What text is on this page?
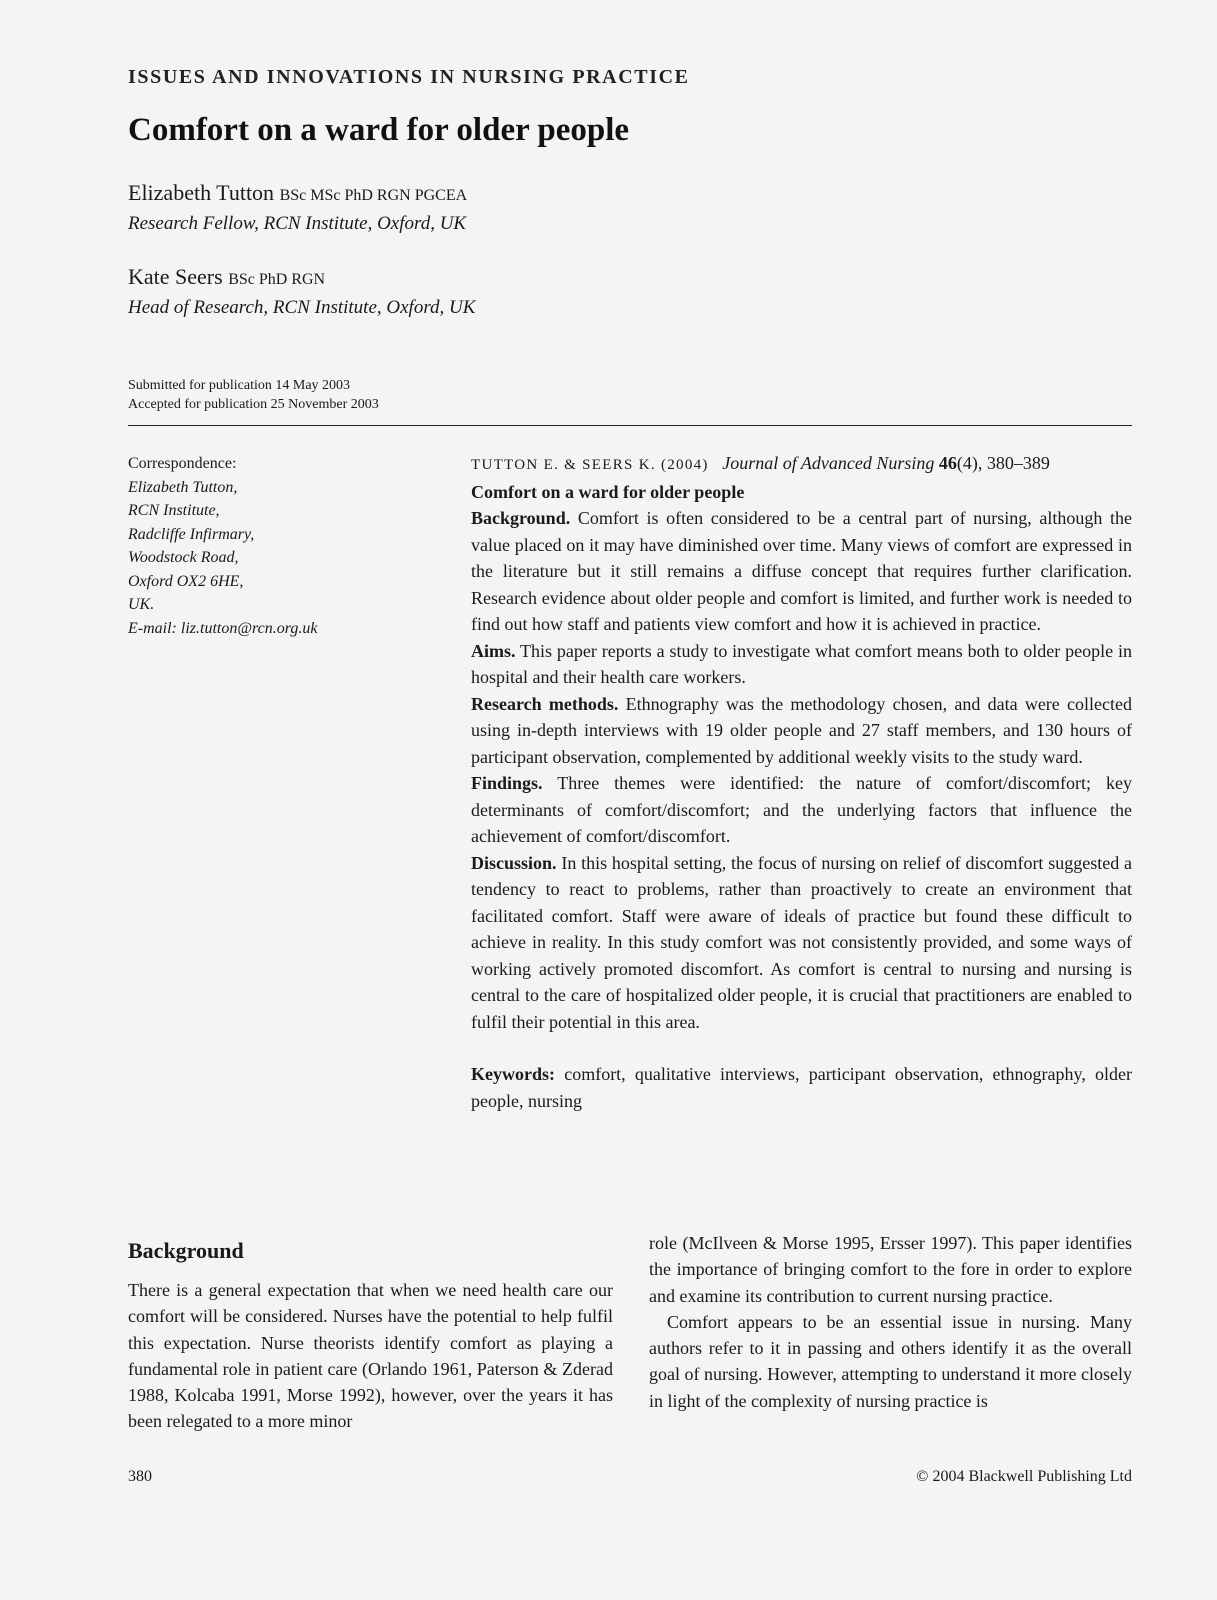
ISSUES AND INNOVATIONS IN NURSING PRACTICE
Comfort on a ward for older people
Elizabeth Tutton BSc MSc PhD RGN PGCEA
Research Fellow, RCN Institute, Oxford, UK
Kate Seers BSc PhD RGN
Head of Research, RCN Institute, Oxford, UK
Submitted for publication 14 May 2003
Accepted for publication 25 November 2003
Correspondence:
Elizabeth Tutton,
RCN Institute,
Radcliffe Infirmary,
Woodstock Road,
Oxford OX2 6HE,
UK.
E-mail: liz.tutton@rcn.org.uk

TUTTON E. & SEERS K. (2004) Journal of Advanced Nursing 46(4), 380–389

Comfort on a ward for older people

Background. Comfort is often considered to be a central part of nursing, although the value placed on it may have diminished over time. Many views of comfort are expressed in the literature but it still remains a diffuse concept that requires further clarification. Research evidence about older people and comfort is limited, and further work is needed to find out how staff and patients view comfort and how it is achieved in practice.

Aims. This paper reports a study to investigate what comfort means both to older people in hospital and their health care workers.

Research methods. Ethnography was the methodology chosen, and data were collected using in-depth interviews with 19 older people and 27 staff members, and 130 hours of participant observation, complemented by additional weekly visits to the study ward.

Findings. Three themes were identified: the nature of comfort/discomfort; key determinants of comfort/discomfort; and the underlying factors that influence the achievement of comfort/discomfort.

Discussion. In this hospital setting, the focus of nursing on relief of discomfort suggested a tendency to react to problems, rather than proactively to create an environment that facilitated comfort. Staff were aware of ideals of practice but found these difficult to achieve in reality. In this study comfort was not consistently provided, and some ways of working actively promoted discomfort. As comfort is central to nursing and nursing is central to the care of hospitalized older people, it is crucial that practitioners are enabled to fulfil their potential in this area.

Keywords: comfort, qualitative interviews, participant observation, ethnography, older people, nursing

Background

There is a general expectation that when we need health care our comfort will be considered. Nurses have the potential to help fulfil this expectation. Nurse theorists identify comfort as playing a fundamental role in patient care (Orlando 1961, Paterson & Zderad 1988, Kolcaba 1991, Morse 1992), however, over the years it has been relegated to a more minor

role (McIlveen & Morse 1995, Ersser 1997). This paper identifies the importance of bringing comfort to the fore in order to explore and examine its contribution to current nursing practice.

Comfort appears to be an essential issue in nursing. Many authors refer to it in passing and others identify it as the overall goal of nursing. However, attempting to understand it more closely in light of the complexity of nursing practice is

380	© 2004 Blackwell Publishing Ltd
